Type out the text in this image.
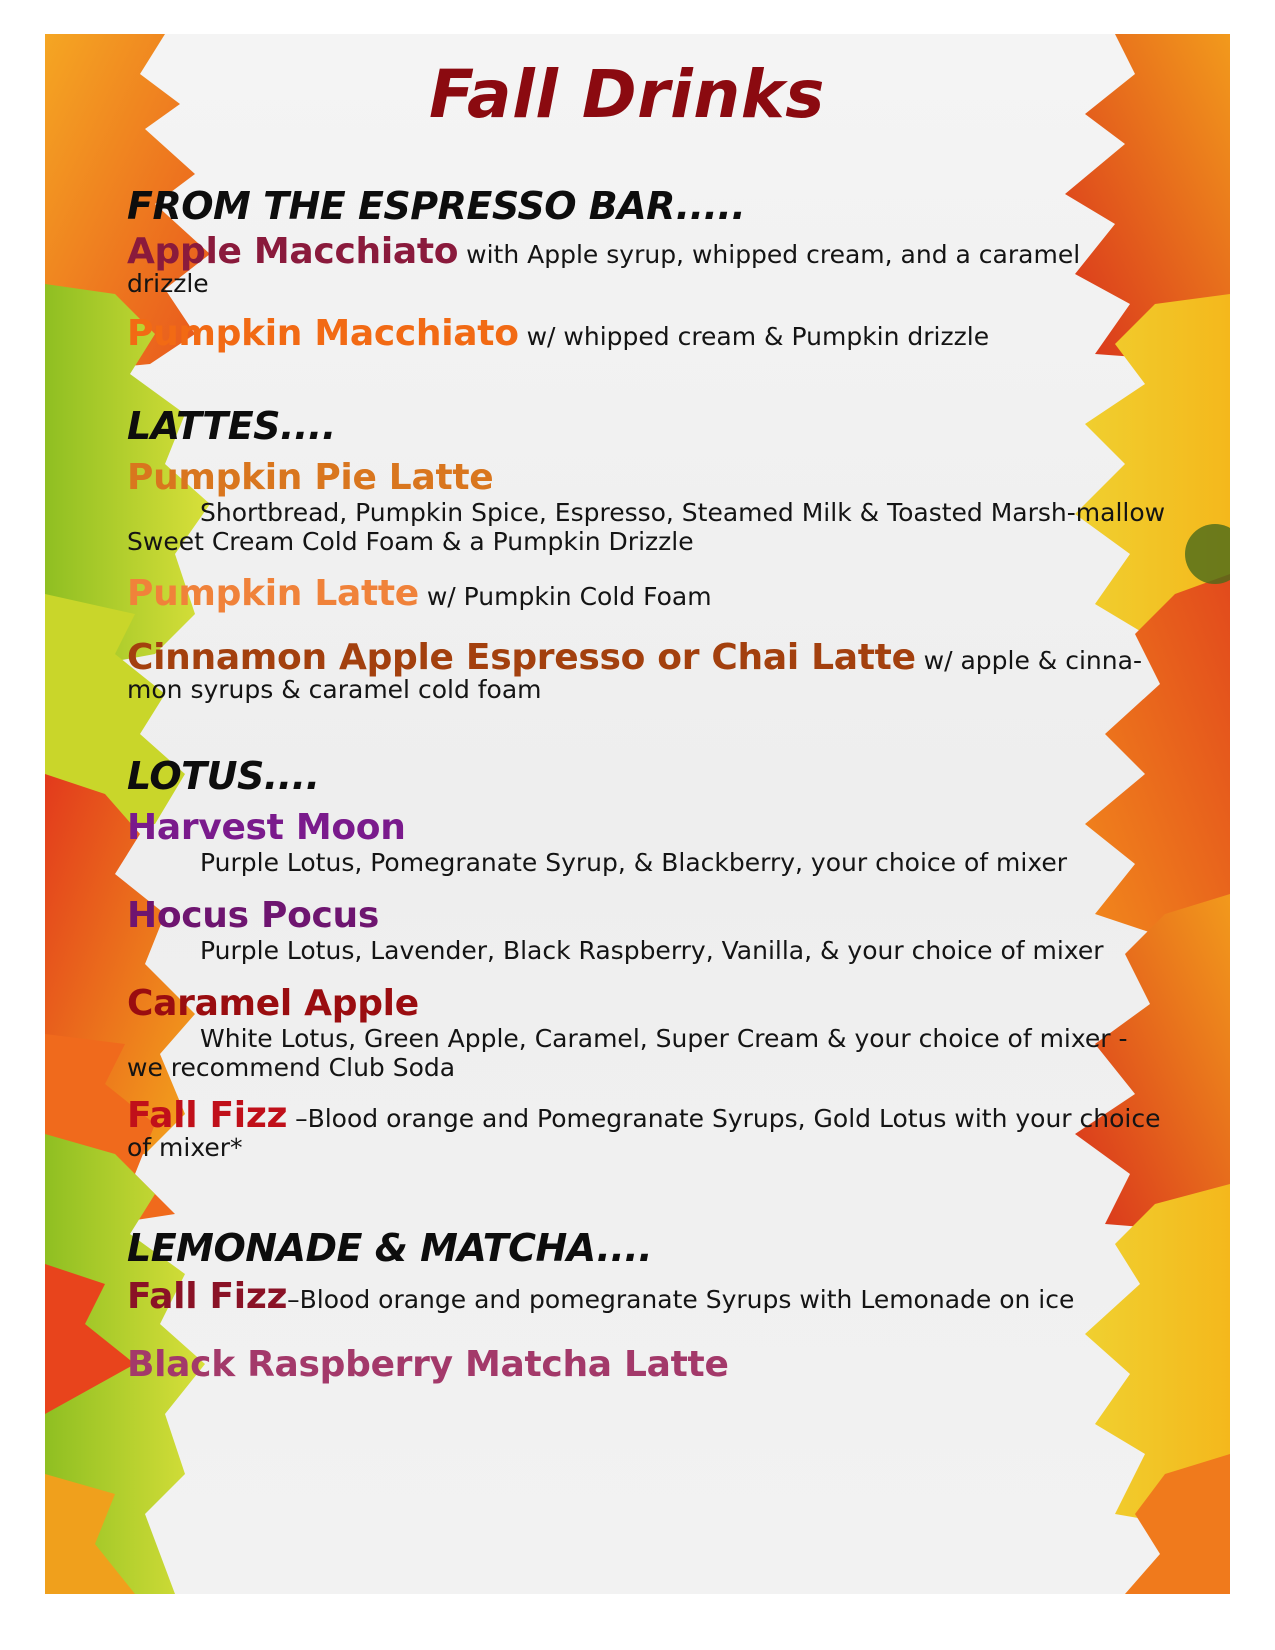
Fall Drinks
FROM THE ESPRESSO BAR.....
Apple Macchiato with Apple syrup, whipped cream, and a caramel drizzle
Pumpkin Macchiato w/ whipped cream & Pumpkin drizzle
LATTES....
Pumpkin Pie Latte
Shortbread, Pumpkin Spice, Espresso, Steamed Milk & Toasted Marsh-mallow Sweet Cream Cold Foam & a Pumpkin Drizzle
Pumpkin Latte w/ Pumpkin Cold Foam
Cinnamon Apple Espresso or Chai Latte w/ apple & cinna-mon syrups & caramel cold foam
LOTUS....
Harvest Moon
Purple Lotus, Pomegranate Syrup, & Blackberry, your choice of mixer
Hocus Pocus
Purple Lotus, Lavender, Black Raspberry, Vanilla, & your choice of mixer
Caramel Apple
White Lotus, Green Apple, Caramel, Super Cream & your choice of mixer - we recommend Club Soda
Fall Fizz –Blood orange and Pomegranate Syrups, Gold Lotus with your choice of mixer*
LEMONADE & MATCHA....
Fall Fizz–Blood orange and pomegranate Syrups with Lemonade on ice
Black Raspberry Matcha Latte
